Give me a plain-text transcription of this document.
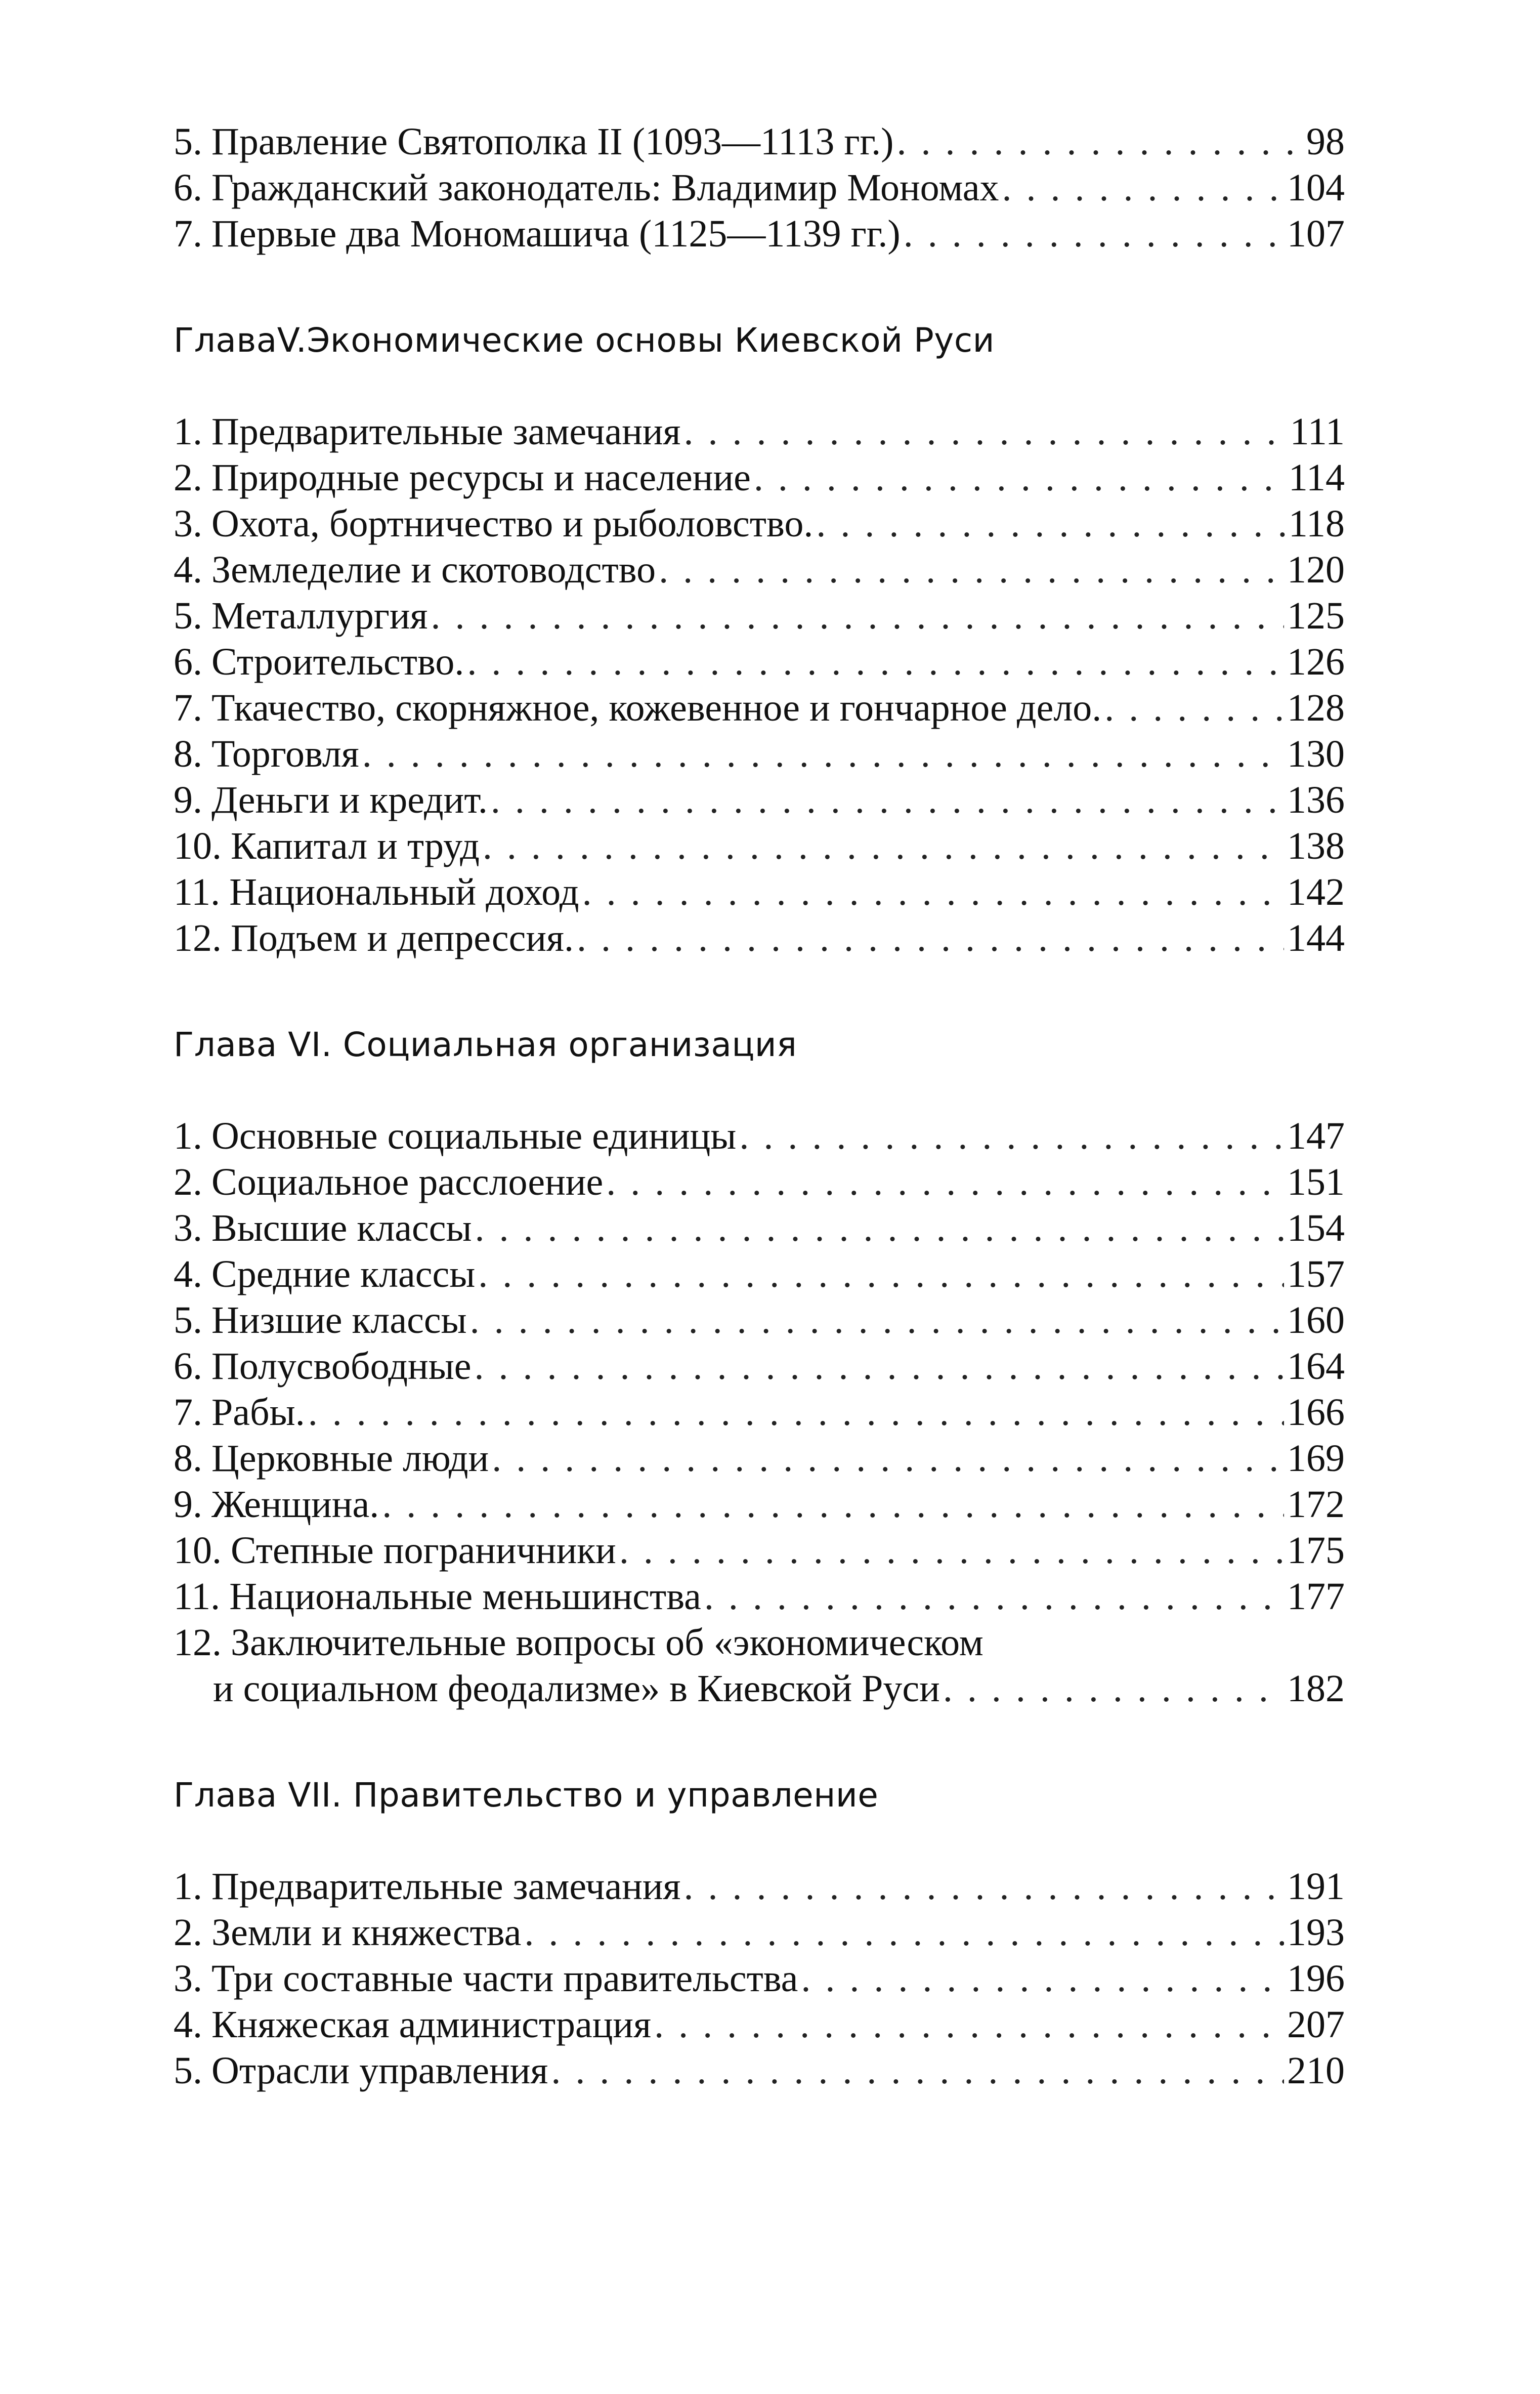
5. Правление Святополка II (1093—1113 гг.) . . .	98
6. Гражданский законодатель: Владимир Мономах . . .	104
7. Первые два Мономашича (1125—1139 гг.) . . .	107
ГлаваV.Экономические основы Киевской Руси
1. Предварительные замечания . . .	111
2. Природные ресурсы и население . . .	114
3. Охота, бортничество и рыболовство. . . .	118
4. Земледелие и скотоводство . . .	120
5. Металлургия . . .	125
6. Строительство. . . .	126
7. Ткачество, скорняжное, кожевенное и гончарное дело. . . .	128
8. Торговля . . .	130
9. Деньги и кредит. . . .	136
10. Капитал и труд . . .	138
11. Национальный доход . . .	142
12. Подъем и депрессия. . . .	144
Глава VI. Социальная организация
1. Основные социальные единицы . . .	147
2. Социальное расслоение . . .	151
3. Высшие классы . . .	154
4. Средние классы . . .	157
5. Низшие классы . . .	160
6. Полусвободные . . .	164
7. Рабы. . . .	166
8. Церковные люди . . .	169
9. Женщина. . . .	172
10. Степные пограничники . . .	175
11. Национальные меньшинства . . .	177
12. Заключительные вопросы об «экономическом
и социальном феодализме» в Киевской Руси . . .	182
Глава VII. Правительство и управление
1. Предварительные замечания . . .	191
2. Земли и княжества . . .	193
3. Три составные части правительства . . .	196
4. Княжеская администрация . . .	207
5. Отрасли управления . . .	210
